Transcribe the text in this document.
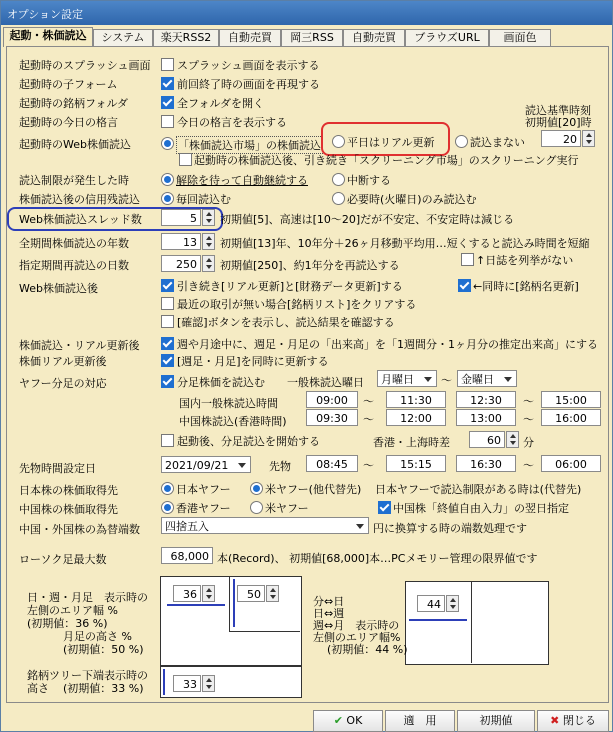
オプション設定
起動・株価読込	システム	楽天RSS2	自動売買	岡三RSS	自動売買	ブラウズURL	画面色
起動時のスプラッシュ画面 スプラッシュ画面を表示する
起動時の子フォーム	前回終了時の画面を再現する
起動時の銘柄フォルダ	全フォルダを開く
起動時の今日の格言	今日の格言を表示する
読込基準時刻
初期値[20]時
起動時のWeb株価読込	「株価読込市場」の株価読込 平日はリアル更新	読込まない	20
起動時の株価読込後、引き続き「スクリーニング市場」のスクリーニング実行
読込制限が発生した時	解除を待って自動継続する	中断する
株価読込後の信用残読込	毎回読込む	必要時(火曜日)のみ読込む
Web株価読込スレッド数	5	初期値[5]、高速は[10〜20]だが不安定、不安定時は減じる
全期間株価読込の年数	13	初期値[13]年、10年分＋26ヶ月移動平均用…短くすると読込み時間を短縮
指定期間再読込の日数	250	初期値[250]、約1年分を再読込する	↑日誌を列挙がない
Web株価読込後	引き続き[リアル更新]と[財務データ更新]する	←同時に[銘柄名更新]
最近の取引が無い場合[銘柄リスト]をクリアする
[確認]ボタンを表示し、読込結果を確認する
株価読込・リアル更新後	週や月途中に、週足・月足の「出来高」を「1週間分・1ヶ月分の推定出来高」にする
株価リアル更新後	[週足・月足]を同時に更新する
ヤフー分足の対応	分足株価を読込む 一般株読込曜日	月曜日	〜 金曜日
国内一般株読込時間	09:00	〜	11:30	12:30	〜	15:00
中国株読込(香港時間)	09:30	〜	12:00	13:00	〜	16:00
起動後、分足読込を開始する	香港・上海時差	60	分
先物時間設定日	2021/09/21	先物	08:45	〜	15:15	16:30	〜	06:00
日本株の株価取得先	日本ヤフー	米ヤフー(他代替先) 日本ヤフーで読込制限がある時は(代替先)
中国株の株価取得先	香港ヤフー	米ヤフー	中国株「終値自由入力」の翌日指定
中国・外国株の為替端数	四捨五入	円に換算する時の端数処理です
ローソク足最大数	68,000 本(Record)、 初期値[68,000]本…PCメモリー管理の限界値です
36	50
日・週・月足　表示時の
左側のエリア幅 %
(初期値：36 %)
月足の高さ %
(初期値：50 %)
33
銘柄ツリー下端表示時の
高さ (初期値：33 %)
44
分⇔日
日⇔週
週⇔月　表示時の
左側のエリア幅%
(初期値：44 %)
✔ OK	適　用	初期値	✖ 閉じる
